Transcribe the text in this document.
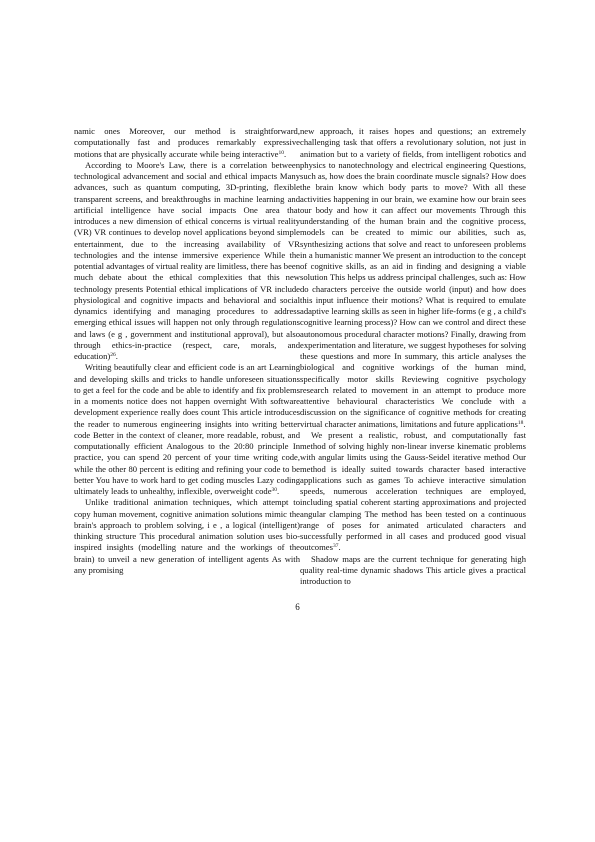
namic ones Moreover, our method is straightforward, computationally fast and produces remarkably expressive motions that are physically accurate while being interactive$^{10}$.

According to Moore's Law, there is a correlation between technological advancement and social and ethical impacts Many advances, such as quantum computing, 3D-printing, flexible transparent screens, and breakthroughs in machine learning and artificial intelligence have social impacts One area that introduces a new dimension of ethical concerns is virtual reality (VR) VR continues to develop novel applications beyond simple entertainment, due to the increasing availability of VR technologies and the intense immersive experience While the potential advantages of virtual reality are limitless, there has been much debate about the ethical complexities that this new technology presents Potential ethical implications of VR include physiological and cognitive impacts and behavioral and social dynamics identifying and managing procedures to address emerging ethical issues will happen not only through regulations and laws (e g , government and institutional approval), but also through ethics-in-practice (respect, care, morals, and education)$^{26}$.

Writing beautifully clear and efficient code is an art Learning and developing skills and tricks to handle unforeseen situations to get a feel for the code and be able to identify and fix problems in a moments notice does not happen overnight With software development experience really does count This article introduces the reader to numerous engineering insights into writing better code Better in the context of cleaner, more readable, robust, and computationally efficient Analogous to the 20:80 principle In practice, you can spend 20 percent of your time writing code, while the other 80 percent is editing and refining your code to be better You have to work hard to get coding muscles Lazy coding ultimately leads to unhealthy, inflexible, overweight code$^{30}$.

Unlike traditional animation techniques, which attempt to copy human movement, cognitive animation solutions mimic the brain's approach to problem solving, i e , a logical (intelligent) thinking structure This procedural animation solution uses bio-inspired insights (modelling nature and the workings of the brain) to unveil a new generation of intelligent agents As with any promising

new approach, it raises hopes and questions; an extremely challenging task that offers a revolutionary solution, not just in animation but to a variety of fields, from intelligent robotics and physics to nanotechnology and electrical engineering Questions, such as, how does the brain coordinate muscle signals? How does the brain know which body parts to move? With all these activities happening in our brain, we examine how our brain sees our body and how it can affect our movements Through this understanding of the human brain and the cognitive process, models can be created to mimic our abilities, such as, synthesizing actions that solve and react to unforeseen problems in a humanistic manner We present an introduction to the concept of cognitive skills, as an aid in finding and designing a viable solution This helps us address principal challenges, such as: How do characters perceive the outside world (input) and how does this input influence their motions? What is required to emulate adaptive learning skills as seen in higher life-forms (e g , a child's cognitive learning process)? How can we control and direct these autonomous procedural character motions? Finally, drawing from experimentation and literature, we suggest hypotheses for solving these questions and more In summary, this article analyses the biological and cognitive workings of the human mind, specifically motor skills Reviewing cognitive psychology research related to movement in an attempt to produce more attentive behavioural characteristics We conclude with a discussion on the significance of cognitive methods for creating virtual character animations, limitations and future applications$^{18}$.

We present a realistic, robust, and computationally fast method of solving highly non-linear inverse kinematic problems with angular limits using the Gauss-Seidel iterative method Our method is ideally suited towards character based interactive applications such as games To achieve interactive simulation speeds, numerous acceleration techniques are employed, including spatial coherent starting approximations and projected angular clamping The method has been tested on a continuous range of poses for animated articulated characters and successfully performed in all cases and produced good visual outcomes$^{37}$.

Shadow maps are the current technique for generating high quality real-time dynamic shadows This article gives a practical introduction to

6
